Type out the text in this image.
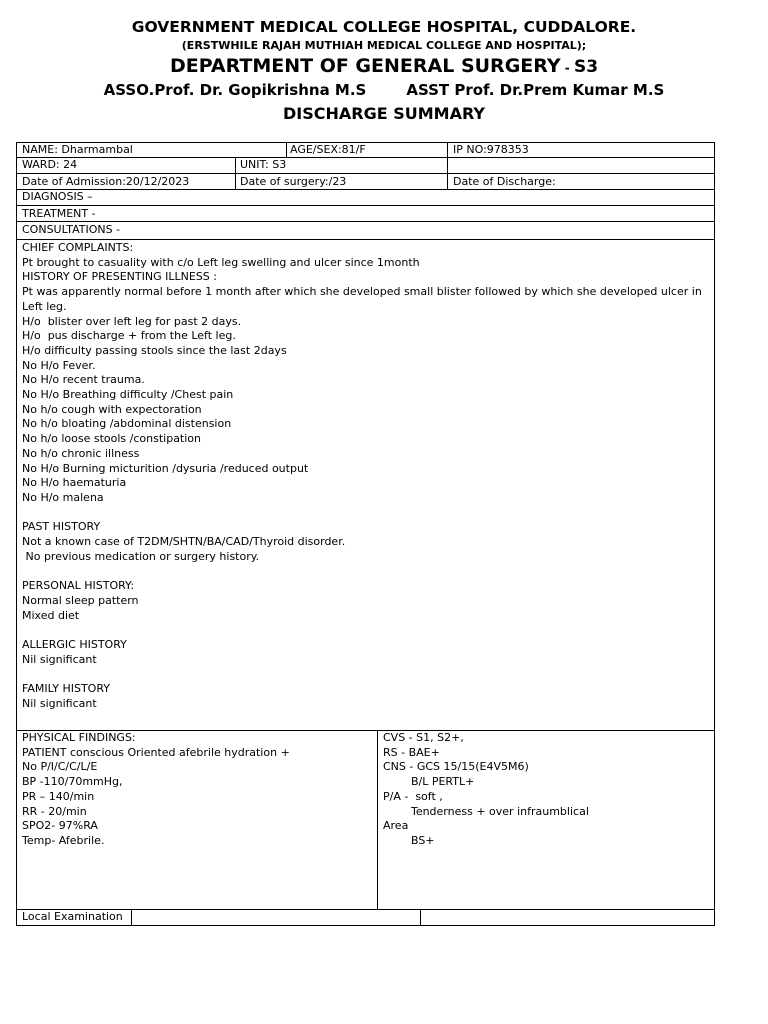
GOVERNMENT MEDICAL COLLEGE HOSPITAL, CUDDALORE.
(ERSTWHILE RAJAH MUTHIAH MEDICAL COLLEGE AND HOSPITAL);
DEPARTMENT OF GENERAL SURGERY - S3
ASSO.Prof. Dr. Gopikrishna M.S	ASST Prof. Dr.Prem Kumar M.S
DISCHARGE SUMMARY
NAME: Dharmambal	AGE/SEX:81/F	IP NO:978353
WARD: 24	UNIT: S3
Date of Admission:20/12/2023	Date of surgery:/23	Date of Discharge:
DIAGNOSIS –
TREATMENT -
CONSULTATIONS -
CHIEF COMPLAINTS:
Pt brought to casuality with c/o Left leg swelling and ulcer since 1month
HISTORY OF PRESENTING ILLNESS :
Pt was apparently normal before 1 month after which she developed small blister followed by which she developed ulcer in Left leg.
H/o  blister over left leg for past 2 days.
H/o  pus discharge + from the Left leg.
H/o difficulty passing stools since the last 2days
No H/o Fever.
No H/o recent trauma.
No H/o Breathing difficulty /Chest pain
No h/o cough with expectoration
No h/o bloating /abdominal distension
No h/o loose stools /constipation
No h/o chronic illness
No H/o Burning micturition /dysuria /reduced output
No H/o haematuria
No H/o malena
PAST HISTORY
Not a known case of T2DM/SHTN/BA/CAD/Thyroid disorder.
No previous medication or surgery history.
PERSONAL HISTORY:
Normal sleep pattern
Mixed diet
ALLERGIC HISTORY
Nil significant
FAMILY HISTORY
Nil significant
PHYSICAL FINDINGS:
PATIENT conscious Oriented afebrile hydration +
No P/I/C/C/L/E
BP -110/70mmHg,
PR – 140/min
RR - 20/min
SPO2- 97%RA
Temp- Afebrile.
CVS - S1, S2+,
RS - BAE+
CNS - GCS 15/15(E4V5M6)
B/L PERTL+
P/A -  soft ,
Tenderness + over infraumblical
Area
BS+
Local Examination
